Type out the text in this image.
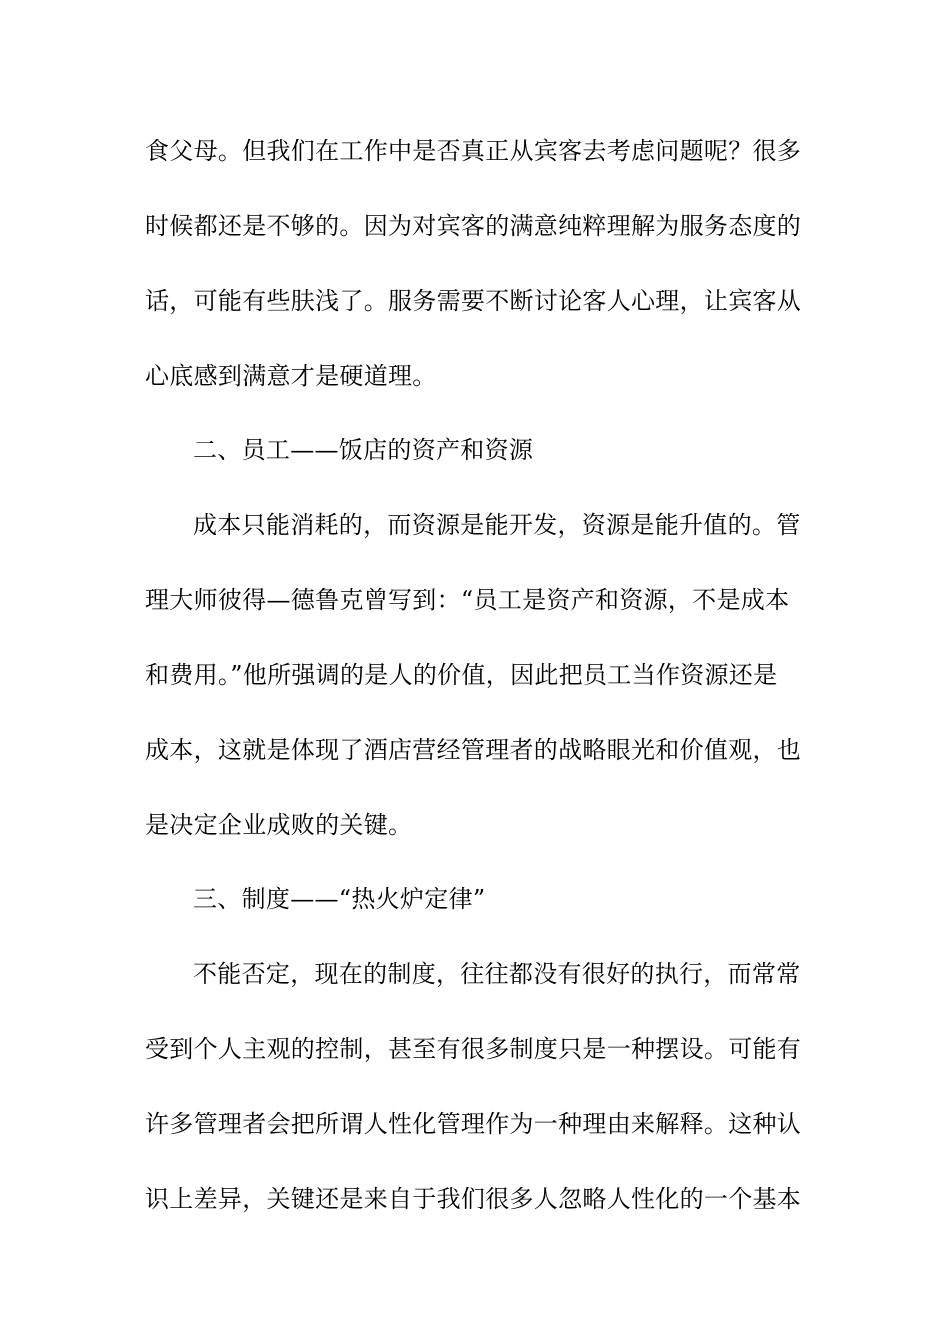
食父母。但我们在工作中是否真正从宾客去考虑问题呢？很多
时候都还是不够的。因为对宾客的满意纯粹理解为服务态度的
话，可能有些肤浅了。服务需要不断讨论客人心理，让宾客从
心底感到满意才是硬道理。
二、员工——饭店的资产和资源
成本只能消耗的，而资源是能开发，资源是能升值的。管
理大师彼得—德鲁克曾写到：“员工是资产和资源，不是成本
和费用。”他所强调的是人的价值，因此把员工当作资源还是
成本，这就是体现了酒店营经管理者的战略眼光和价值观，也
是决定企业成败的关键。
三、制度——“热火炉定律”
不能否定，现在的制度，往往都没有很好的执行，而常常
受到个人主观的控制，甚至有很多制度只是一种摆设。可能有
许多管理者会把所谓人性化管理作为一种理由来解释。这种认
识上差异，关键还是来自于我们很多人忽略人性化的一个基本
